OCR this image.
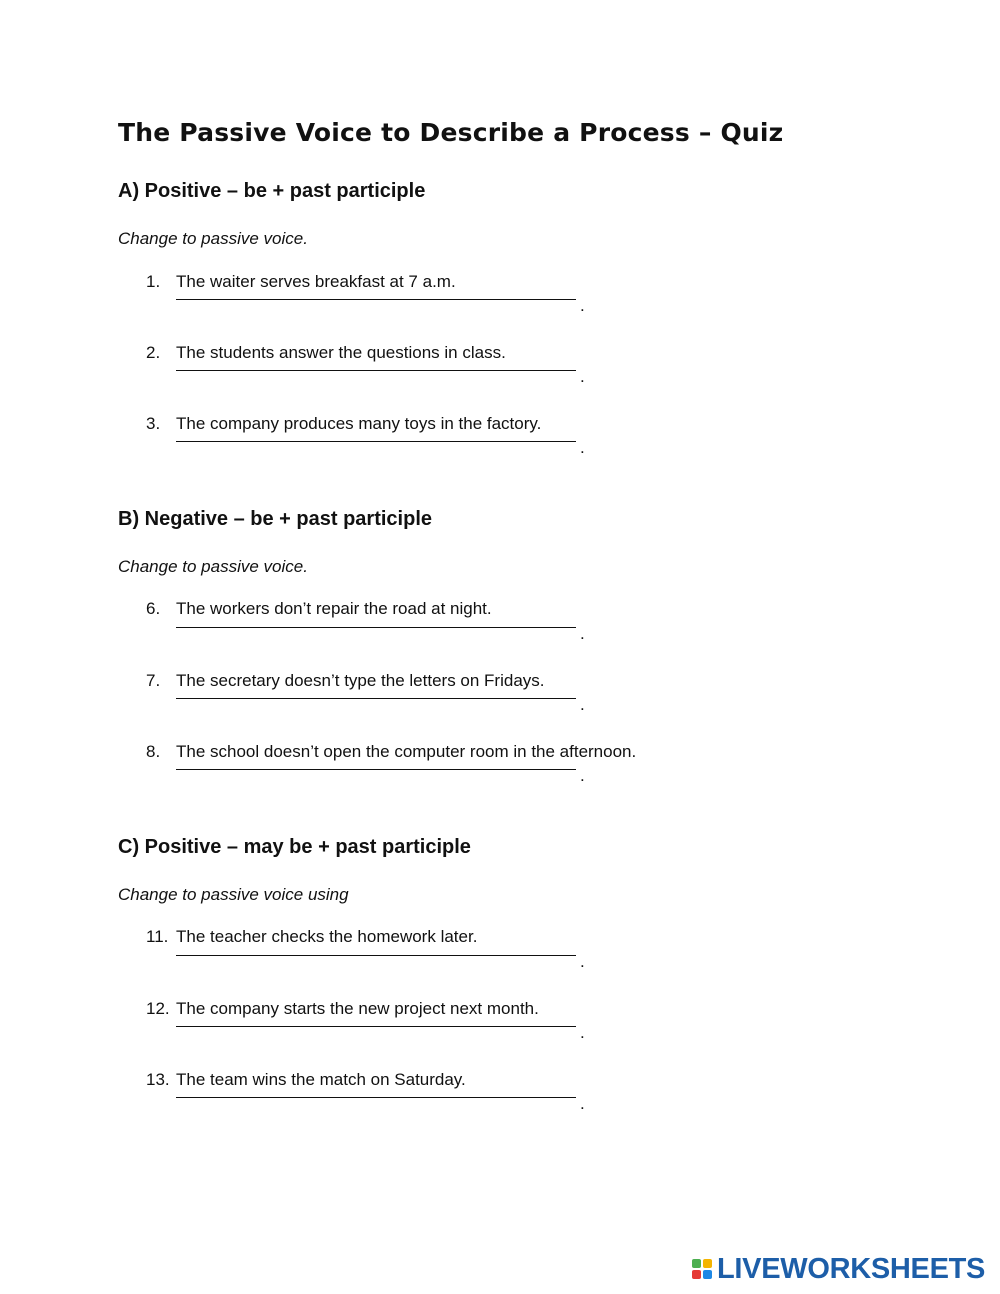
The Passive Voice to Describe a Process – Quiz
A) Positive – be + past participle
Change to passive voice.
1. The waiter serves breakfast at 7 a.m.
.
2. The students answer the questions in class.
.
3. The company produces many toys in the factory.
.
B) Negative – be + past participle
Change to passive voice.
6. The workers don’t repair the road at night.
.
7. The secretary doesn’t type the letters on Fridays.
.
8. The school doesn’t open the computer room in the afternoon.
.
C) Positive – may be + past participle
Change to passive voice using
11. The teacher checks the homework later.
.
12. The company starts the new project next month.
.
13. The team wins the match on Saturday.
.
LIVEWORKSHEETS
